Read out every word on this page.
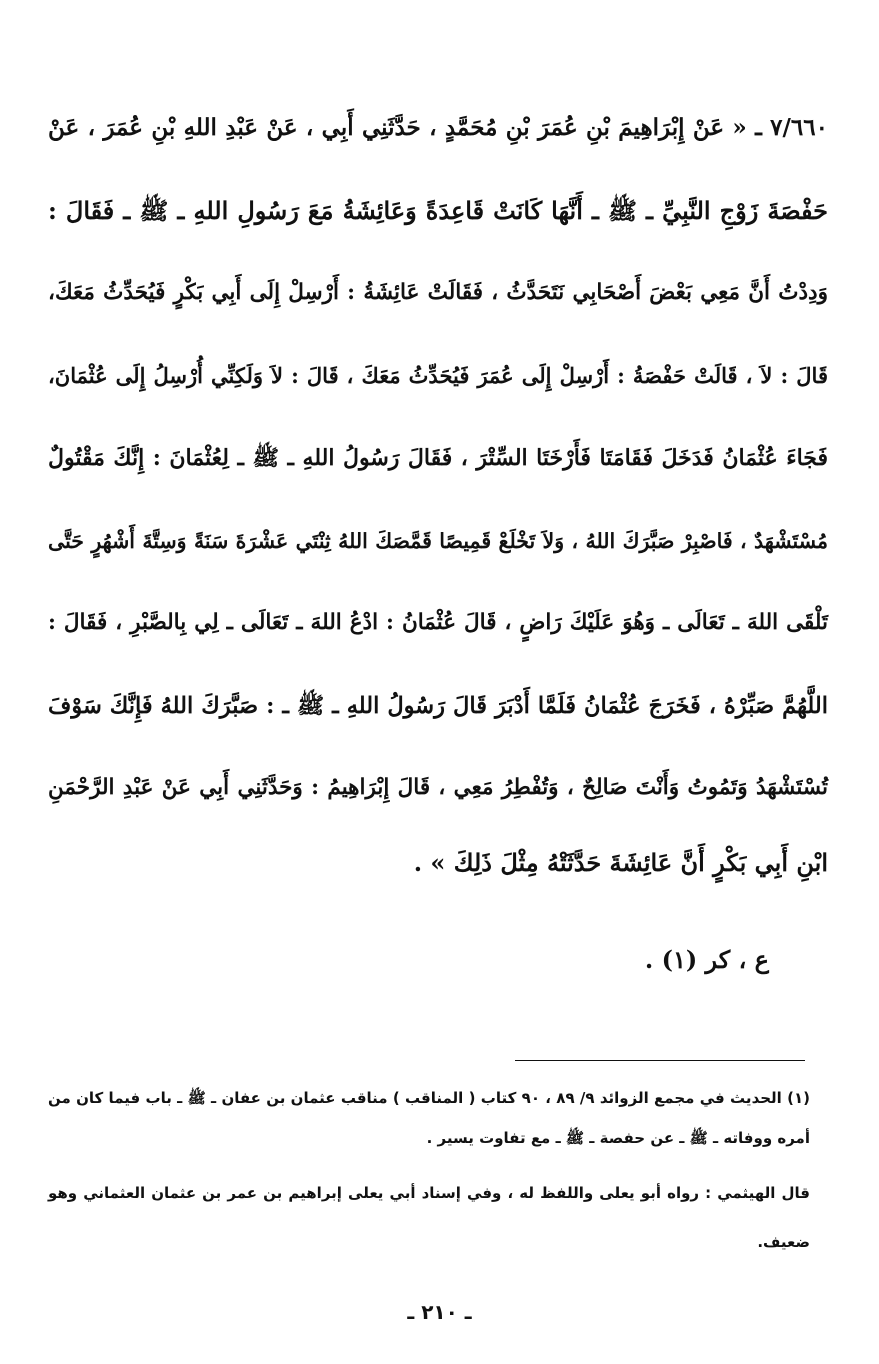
٧/٦٦٠ ـ « عَنْ إِبْرَاهِيمَ بْنِ عُمَرَ بْنِ مُحَمَّدٍ ، حَدَّثَنِي أَبِي ، عَنْ عَبْدِ اللهِ بْنِ عُمَرَ ، عَنْ
حَفْصَةَ زَوْجِ النَّبِيِّ ـ ﷺ ـ أَنَّهَا كَانَتْ قَاعِدَةً وَعَائِشَةُ مَعَ رَسُولِ اللهِ ـ ﷺ ـ فَقَالَ :
وَدِدْتُ أَنَّ مَعِي بَعْضَ أَصْحَابِي نَتَحَدَّثُ ، فَقَالَتْ عَائِشَةُ : أَرْسِلْ إِلَى أَبِي بَكْرٍ فَيُحَدِّثُ مَعَكَ،
قَالَ : لاَ ، قَالَتْ حَفْصَةُ : أَرْسِلْ إِلَى عُمَرَ فَيُحَدِّثُ مَعَكَ ، قَالَ : لاَ وَلَكِنِّي أُرْسِلُ إِلَى عُثْمَانَ،
فَجَاءَ عُثْمَانُ فَدَخَلَ فَقَامَتَا فَأَرْخَتَا السِّتْرَ ، فَقَالَ رَسُولُ اللهِ ـ ﷺ ـ لِعُثْمَانَ : إِنَّكَ مَقْتُولٌ
مُسْتَشْهَدٌ ، فَاصْبِرْ صَبَّرَكَ اللهُ ، وَلاَ تَخْلَعْ قَمِيصًا قَمَّصَكَ اللهُ ثِنْتَي عَشْرَةَ سَنَةً وَسِتَّةَ أَشْهُرٍ حَتَّى
تَلْقَى اللهَ ـ تَعَالَى ـ وَهُوَ عَلَيْكَ رَاضٍ ، قَالَ عُثْمَانُ : ادْعُ اللهَ ـ تَعَالَى ـ لِي بِالصَّبْرِ ، فَقَالَ :
اللَّهُمَّ صَبِّرْهُ ، فَخَرَجَ عُثْمَانُ فَلَمَّا أَدْبَرَ قَالَ رَسُولُ اللهِ ـ ﷺ ـ : صَبَّرَكَ اللهُ فَإِنَّكَ سَوْفَ
تُسْتَشْهَدُ وَتَمُوتُ وَأَنْتَ صَالِحٌ ، وَتُفْطِرُ مَعِي ، قَالَ إِبْرَاهِيمُ : وَحَدَّثَنِي أَبِي عَنْ عَبْدِ الرَّحْمَنِ
ابْنِ أَبِي بَكْرٍ أَنَّ عَائِشَةَ حَدَّثَتْهُ مِثْلَ ذَلِكَ » .
ع ، كر (١) .
(١) الحديث في مجمع الزوائد ٩/ ٨٩ ، ٩٠ كتاب ( المناقب ) مناقب عثمان بن عفان ـ ﷺ ـ باب فيما كان من
أمره ووفاته ـ ﷺ ـ عن حفصة ـ ﷺ ـ مع تفاوت يسير .
قال الهيثمي : رواه أبو يعلى واللفظ له ، وفي إسناد أبي يعلى إبراهيم بن عمر بن عثمان العثماني وهو
ضعيف.
ـ ٢١٠ ـ
